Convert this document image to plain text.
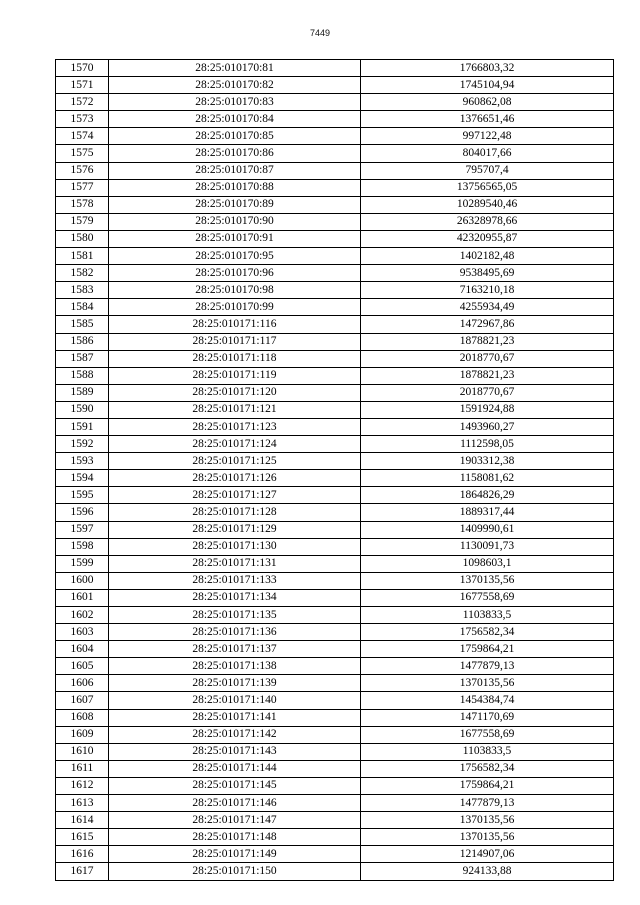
7449
1570	28:25:010170:81	1766803,32
1571	28:25:010170:82	1745104,94
1572	28:25:010170:83	960862,08
1573	28:25:010170:84	1376651,46
1574	28:25:010170:85	997122,48
1575	28:25:010170:86	804017,66
1576	28:25:010170:87	795707,4
1577	28:25:010170:88	13756565,05
1578	28:25:010170:89	10289540,46
1579	28:25:010170:90	26328978,66
1580	28:25:010170:91	42320955,87
1581	28:25:010170:95	1402182,48
1582	28:25:010170:96	9538495,69
1583	28:25:010170:98	7163210,18
1584	28:25:010170:99	4255934,49
1585	28:25:010171:116	1472967,86
1586	28:25:010171:117	1878821,23
1587	28:25:010171:118	2018770,67
1588	28:25:010171:119	1878821,23
1589	28:25:010171:120	2018770,67
1590	28:25:010171:121	1591924,88
1591	28:25:010171:123	1493960,27
1592	28:25:010171:124	1112598,05
1593	28:25:010171:125	1903312,38
1594	28:25:010171:126	1158081,62
1595	28:25:010171:127	1864826,29
1596	28:25:010171:128	1889317,44
1597	28:25:010171:129	1409990,61
1598	28:25:010171:130	1130091,73
1599	28:25:010171:131	1098603,1
1600	28:25:010171:133	1370135,56
1601	28:25:010171:134	1677558,69
1602	28:25:010171:135	1103833,5
1603	28:25:010171:136	1756582,34
1604	28:25:010171:137	1759864,21
1605	28:25:010171:138	1477879,13
1606	28:25:010171:139	1370135,56
1607	28:25:010171:140	1454384,74
1608	28:25:010171:141	1471170,69
1609	28:25:010171:142	1677558,69
1610	28:25:010171:143	1103833,5
1611	28:25:010171:144	1756582,34
1612	28:25:010171:145	1759864,21
1613	28:25:010171:146	1477879,13
1614	28:25:010171:147	1370135,56
1615	28:25:010171:148	1370135,56
1616	28:25:010171:149	1214907,06
1617	28:25:010171:150	924133,88
